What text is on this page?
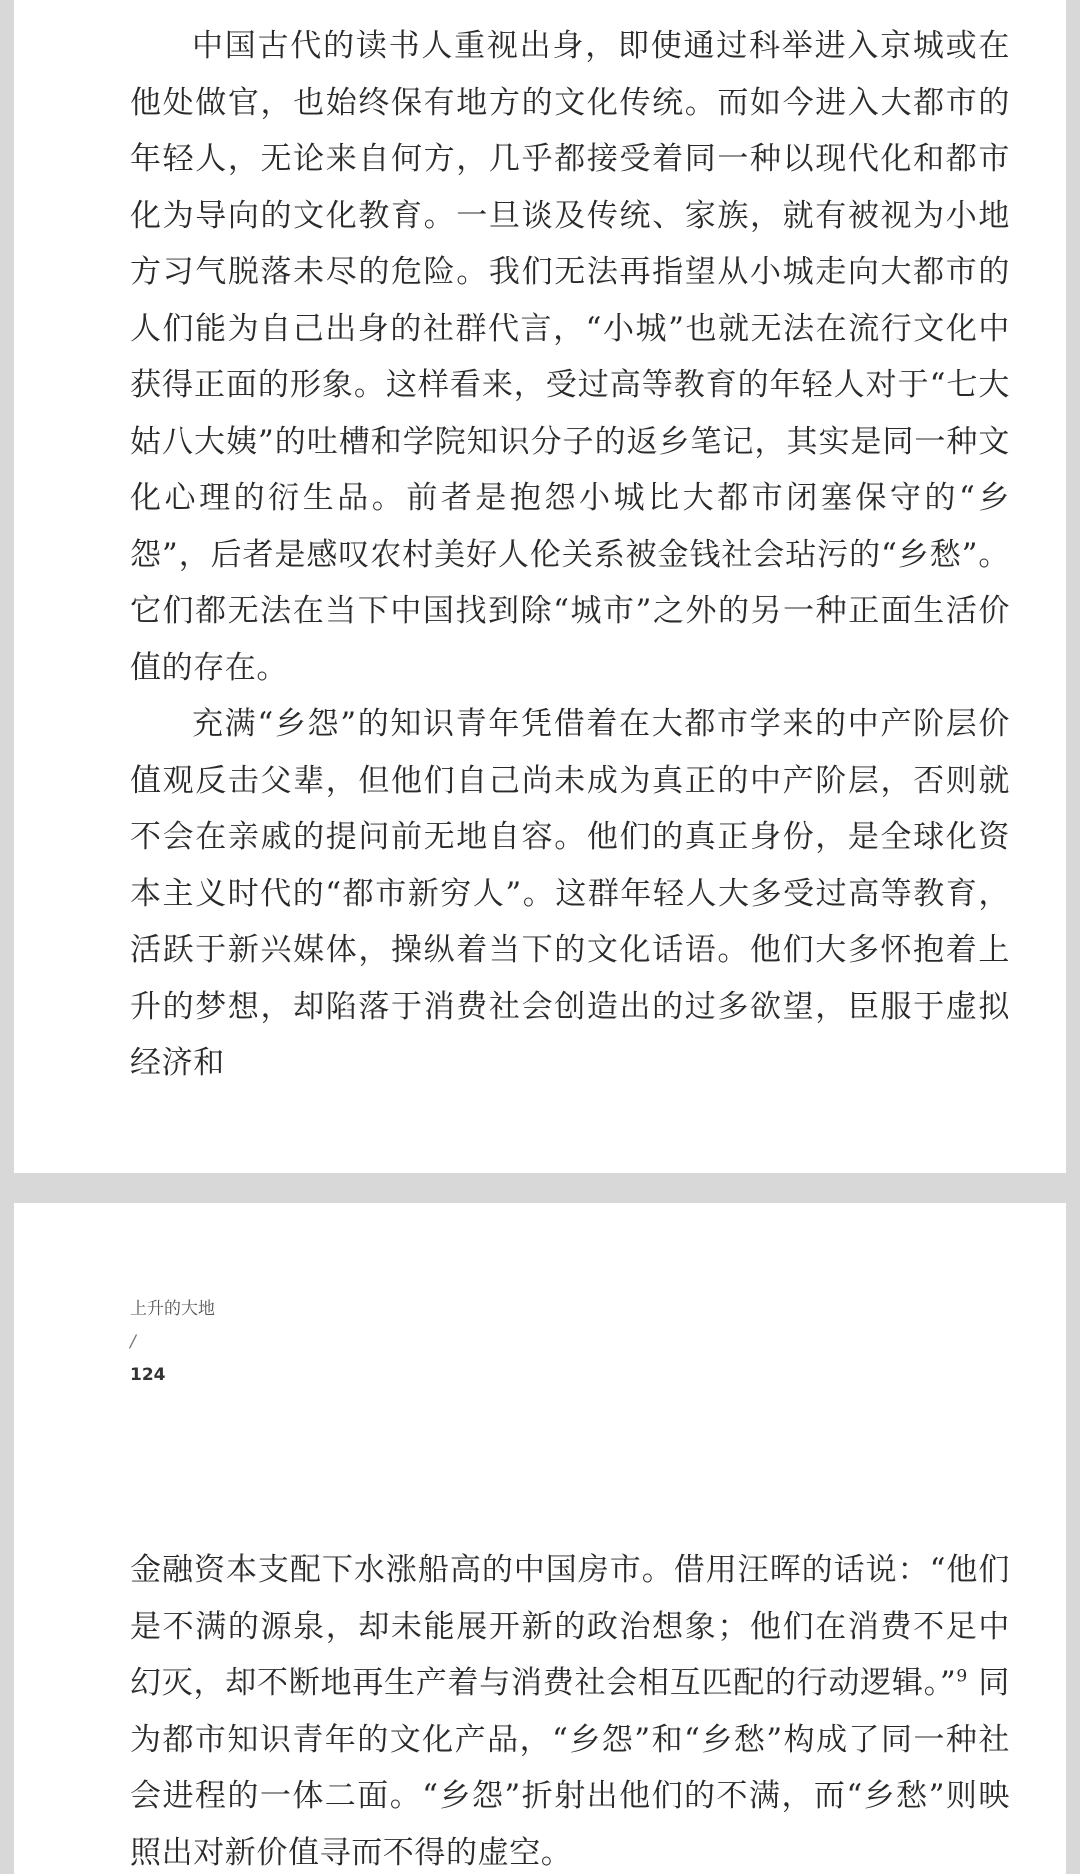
中国古代的读书人重视出身，即使通过科举进入京城或在他处做官，也始终保有地方的文化传统。而如今进入大都市的年轻人，无论来自何方，几乎都接受着同一种以现代化和都市化为导向的文化教育。一旦谈及传统、家族，就有被视为小地方习气脱落未尽的危险。我们无法再指望从小城走向大都市的人们能为自己出身的社群代言，“小城”也就无法在流行文化中获得正面的形象。这样看来，受过高等教育的年轻人对于“七大姑八大姨”的吐槽和学院知识分子的返乡笔记，其实是同一种文化心理的衍生品。前者是抱怨小城比大都市闭塞保守的“乡怨”，后者是感叹农村美好人伦关系被金钱社会玷污的“乡愁”。它们都无法在当下中国找到除“城市”之外的另一种正面生活价值的存在。

充满“乡怨”的知识青年凭借着在大都市学来的中产阶层价值观反击父辈，但他们自己尚未成为真正的中产阶层，否则就不会在亲戚的提问前无地自容。他们的真正身份，是全球化资本主义时代的“都市新穷人”。这群年轻人大多受过高等教育，活跃于新兴媒体，操纵着当下的文化话语。他们大多怀抱着上升的梦想，却陷落于消费社会创造出的过多欲望，臣服于虚拟经济和

上升的大地
/
124

金融资本支配下水涨船高的中国房市。借用汪晖的话说：“他们是不满的源泉，却未能展开新的政治想象；他们在消费不足中幻灭，却不断地再生产着与消费社会相互匹配的行动逻辑。”$^9$ 同为都市知识青年的文化产品，“乡怨”和“乡愁”构成了同一种社会进程的一体二面。“乡怨”折射出他们的不满，而“乡愁”则映照出对新价值寻而不得的虚空。
